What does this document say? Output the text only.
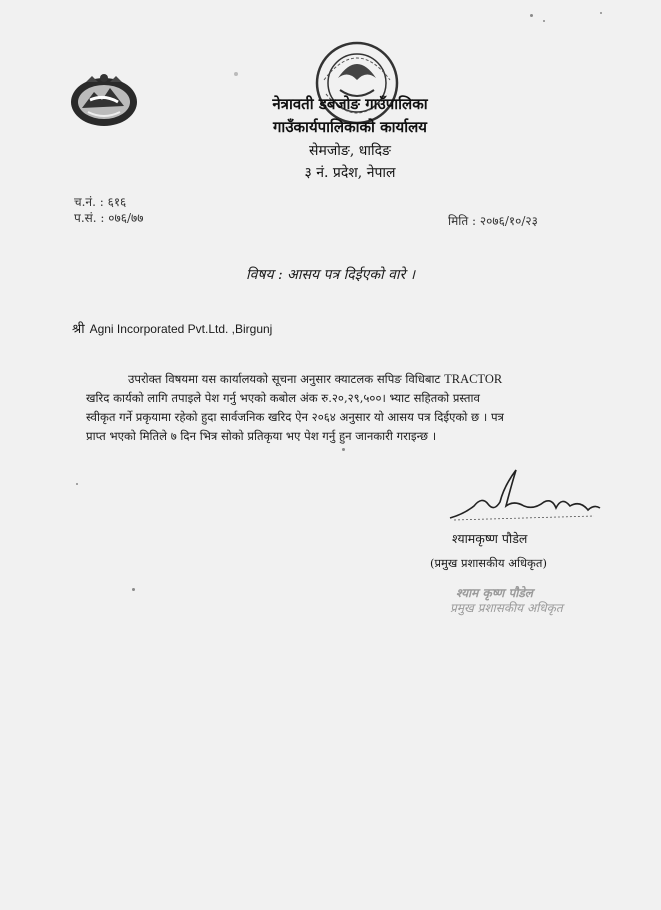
नेत्रावती डबजोङ गाउँपालिका
गाउँकार्यपालिकाको कार्यालय
सेमजोङ, धादिङ
३ नं. प्रदेश, नेपाल
च.नं. : ६१६
प.सं. : ०७६/७७	मिति : २०७६/१०/२३
विषय : आसय पत्र दिईएको वारे ।
श्री Agni Incorporated Pvt.Ltd. ,Birgunj
उपरोक्त विषयमा यस कार्यालयको सूचना अनुसार क्याटलक सपिङ विधिबाट TRACTOR
खरिद कार्यको लागि तपाइले पेश गर्नु भएको कबोल अंक रु.२०,२९,५००। भ्याट सहितको प्रस्ताव
स्वीकृत गर्ने प्रकृयामा रहेको हुदा सार्वजनिक खरिद ऐन २०६४ अनुसार यो आसय पत्र दिईएको छ । पत्र
प्राप्त भएको मितिले ७ दिन भित्र सोको प्रतिकृया भए पेश गर्नु हुन जानकारी गराइन्छ ।
श्यामकृष्ण पौडेल
(प्रमुख प्रशासकीय अधिकृत)
श्याम कृष्ण पौडेल
प्रमुख प्रशासकीय अधिकृत
